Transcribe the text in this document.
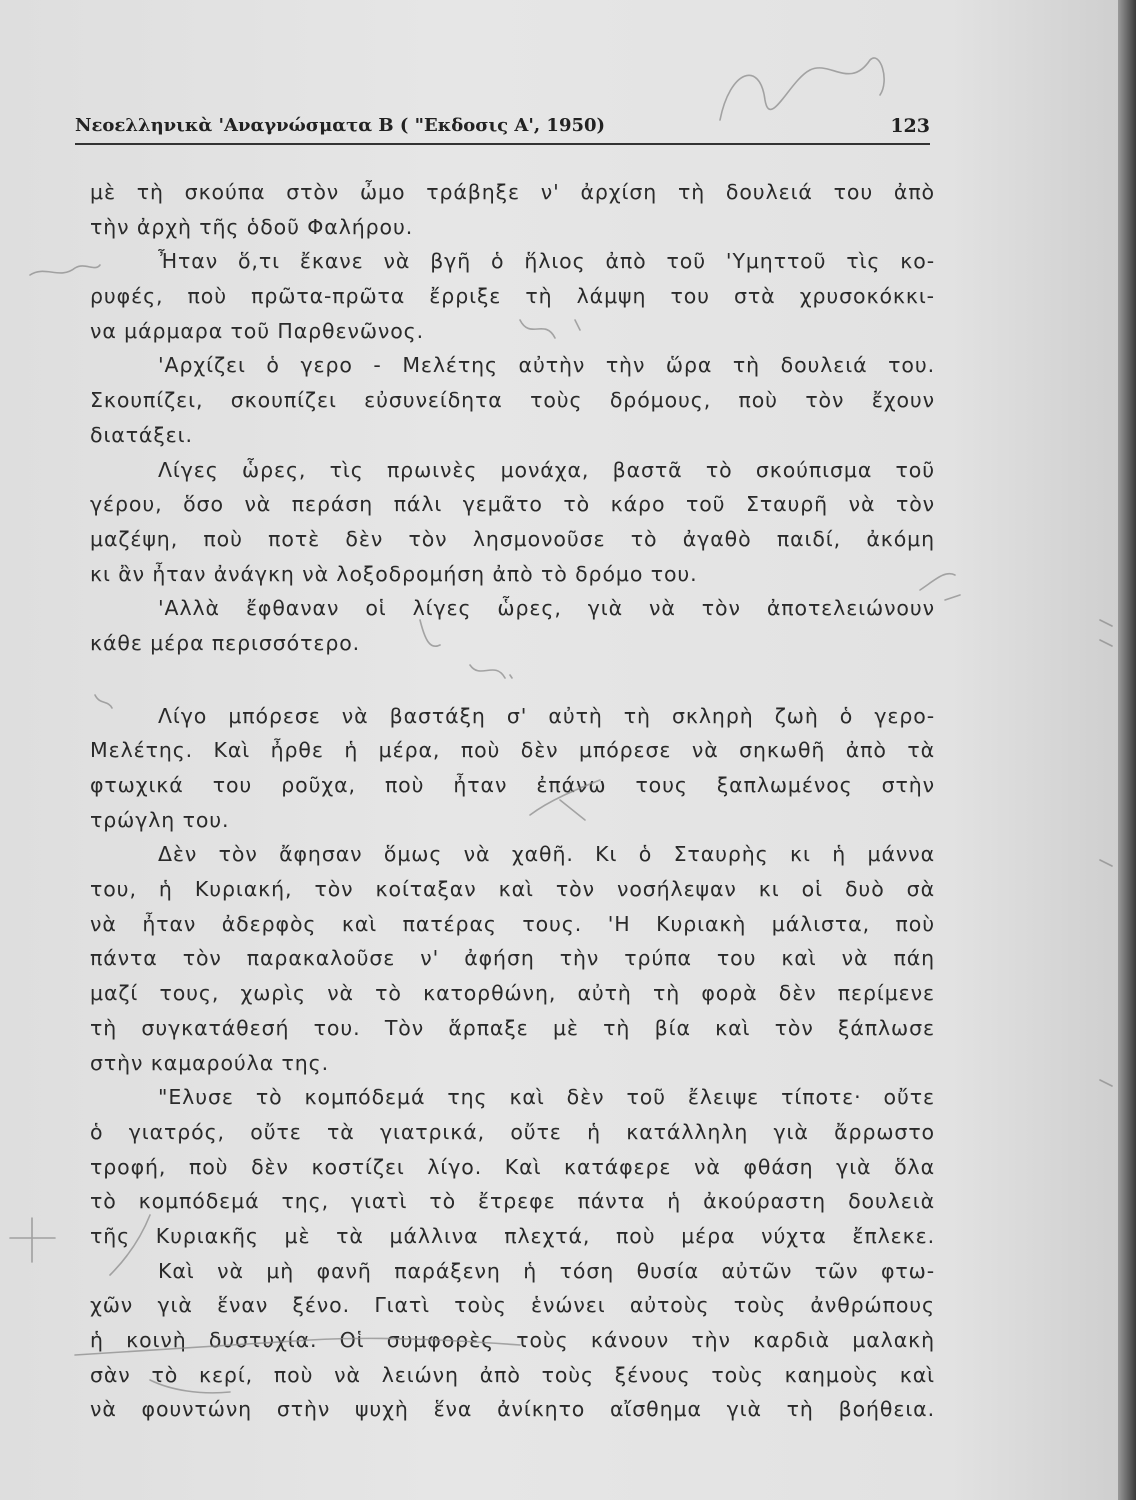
Νεοελληνικὰ 'Αναγνώσματα Β ( "Εκδοσις Α', 1950)	123
μὲ τὴ σκούπα στὸν ὦμο τράβηξε ν' ἀρχίση τὴ δουλειά του ἀπὸ
τὴν ἀρχὴ τῆς ὁδοῦ Φαλήρου.
Ἦταν ὅ,τι ἔκανε νὰ βγῆ ὁ ἥλιος ἀπὸ τοῦ 'Υμηττοῦ τὶς κο-
ρυφές, ποὺ πρῶτα-πρῶτα ἔρριξε τὴ λάμψη του στὰ χρυσοκόκκι-
να μάρμαρα τοῦ Παρθενῶνος.
'Αρχίζει ὁ γερο - Μελέτης αὐτὴν τὴν ὥρα τὴ δουλειά του.
Σκουπίζει, σκουπίζει εὐσυνείδητα τοὺς δρόμους, ποὺ τὸν ἔχουν
διατάξει.
Λίγες ὧρες, τὶς πρωινὲς μονάχα, βαστᾶ τὸ σκούπισμα τοῦ
γέρου, ὅσο νὰ περάση πάλι γεμᾶτο τὸ κάρο τοῦ Σταυρῆ νὰ τὸν
μαζέψη, ποὺ ποτὲ δὲν τὸν λησμονοῦσε τὸ ἀγαθὸ παιδί, ἀκόμη
κι ἂν ἦταν ἀνάγκη νὰ λοξοδρομήση ἀπὸ τὸ δρόμο του.
'Αλλὰ ἔφθαναν οἱ λίγες ὧρες, γιὰ νὰ τὸν ἀποτελειώνουν
κάθε μέρα περισσότερο.
Λίγο μπόρεσε νὰ βαστάξη σ' αὐτὴ τὴ σκληρὴ ζωὴ ὁ γερο-
Μελέτης. Καὶ ἦρθε ἡ μέρα, ποὺ δὲν μπόρεσε νὰ σηκωθῆ ἀπὸ τὰ
φτωχικά του ροῦχα, ποὺ ἦταν ἐπάνω τους ξαπλωμένος στὴν
τρώγλη του.
Δὲν τὸν ἄφησαν ὅμως νὰ χαθῆ. Κι ὁ Σταυρὴς κι ἡ μάννα
του, ἡ Κυριακή, τὸν κοίταξαν καὶ τὸν νοσήλεψαν κι οἱ δυὸ σὰ
νὰ ἦταν ἀδερφὸς καὶ πατέρας τους. 'Η Κυριακὴ μάλιστα, ποὺ
πάντα τὸν παρακαλοῦσε ν' ἀφήση τὴν τρύπα του καὶ νὰ πάη
μαζί τους, χωρὶς νὰ τὸ κατορθώνη, αὐτὴ τὴ φορὰ δὲν περίμενε
τὴ συγκατάθεσή του. Τὸν ἅρπαξε μὲ τὴ βία καὶ τὸν ξάπλωσε
στὴν καμαρούλα της.
"Ελυσε τὸ κομπόδεμά της καὶ δὲν τοῦ ἔλειψε τίποτε· οὔτε
ὁ γιατρός, οὔτε τὰ γιατρικά, οὔτε ἡ κατάλληλη γιὰ ἄρρωστο
τροφή, ποὺ δὲν κοστίζει λίγο. Καὶ κατάφερε νὰ φθάση γιὰ ὅλα
τὸ κομπόδεμά της, γιατὶ τὸ ἔτρεφε πάντα ἡ ἀκούραστη δουλειὰ
τῆς Κυριακῆς μὲ τὰ μάλλινα πλεχτά, ποὺ μέρα νύχτα ἔπλεκε.
Καὶ νὰ μὴ φανῆ παράξενη ἡ τόση θυσία αὐτῶν τῶν φτω-
χῶν γιὰ ἕναν ξένο. Γιατὶ τοὺς ἑνώνει αὐτοὺς τοὺς ἀνθρώπους
ἡ κοινὴ δυστυχία. Οἱ συμφορὲς τοὺς κάνουν τὴν καρδιὰ μαλακὴ
σὰν τὸ κερί, ποὺ νὰ λειώνη ἀπὸ τοὺς ξένους τοὺς καημοὺς καὶ
νὰ φουντώνη στὴν ψυχὴ ἕνα ἀνίκητο αἴσθημα γιὰ τὴ βοήθεια.
